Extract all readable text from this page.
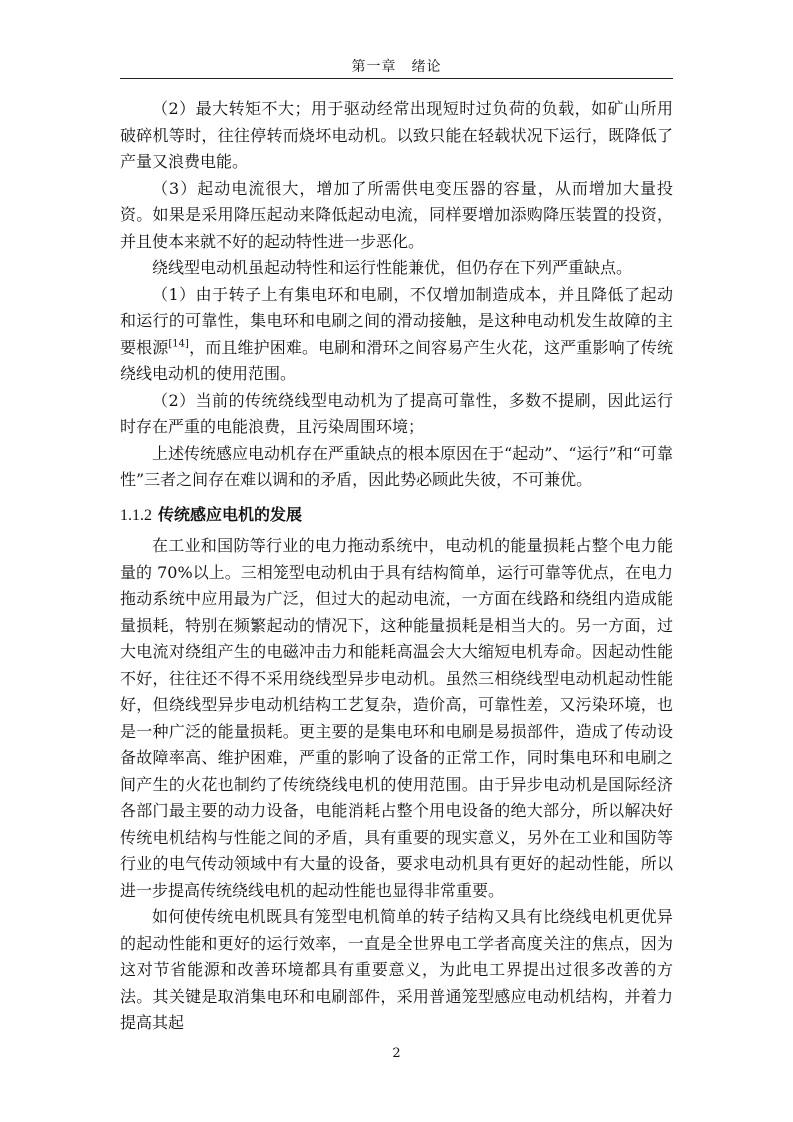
第一章　绪论

（2）最大转矩不大；用于驱动经常出现短时过负荷的负载，如矿山所用破碎机等时，往往停转而烧坏电动机。以致只能在轻载状况下运行，既降低了产量又浪费电能。

（3）起动电流很大，增加了所需供电变压器的容量，从而增加大量投资。如果是采用降压起动来降低起动电流，同样要增加添购降压装置的投资，并且使本来就不好的起动特性进一步恶化。

绕线型电动机虽起动特性和运行性能兼优，但仍存在下列严重缺点。

（1）由于转子上有集电环和电刷，不仅增加制造成本，并且降低了起动和运行的可靠性，集电环和电刷之间的滑动接触，是这种电动机发生故障的主要根源[14]，而且维护困难。电刷和滑环之间容易产生火花，这严重影响了传统绕线电动机的使用范围。

（2）当前的传统绕线型电动机为了提高可靠性，多数不提刷，因此运行时存在严重的电能浪费，且污染周围环境；

上述传统感应电动机存在严重缺点的根本原因在于“起动”、“运行”和“可靠性”三者之间存在难以调和的矛盾，因此势必顾此失彼，不可兼优。

1.1.2 传统感应电机的发展

在工业和国防等行业的电力拖动系统中，电动机的能量损耗占整个电力能量的 70%以上。三相笼型电动机由于具有结构简单，运行可靠等优点，在电力拖动系统中应用最为广泛，但过大的起动电流，一方面在线路和绕组内造成能量损耗，特别在频繁起动的情况下，这种能量损耗是相当大的。另一方面，过大电流对绕组产生的电磁冲击力和能耗高温会大大缩短电机寿命。因起动性能不好，往往还不得不采用绕线型异步电动机。虽然三相绕线型电动机起动性能好，但绕线型异步电动机结构工艺复杂，造价高，可靠性差，又污染环境，也是一种广泛的能量损耗。更主要的是集电环和电刷是易损部件，造成了传动设备故障率高、维护困难，严重的影响了设备的正常工作，同时集电环和电刷之间产生的火花也制约了传统绕线电机的使用范围。由于异步电动机是国际经济各部门最主要的动力设备，电能消耗占整个用电设备的绝大部分，所以解决好传统电机结构与性能之间的矛盾，具有重要的现实意义，另外在工业和国防等行业的电气传动领域中有大量的设备，要求电动机具有更好的起动性能，所以进一步提高传统绕线电机的起动性能也显得非常重要。

如何使传统电机既具有笼型电机简单的转子结构又具有比绕线电机更优异的起动性能和更好的运行效率，一直是全世界电工学者高度关注的焦点，因为这对节省能源和改善环境都具有重要意义，为此电工界提出过很多改善的方法。其关键是取消集电环和电刷部件，采用普通笼型感应电动机结构，并着力提高其起

2
